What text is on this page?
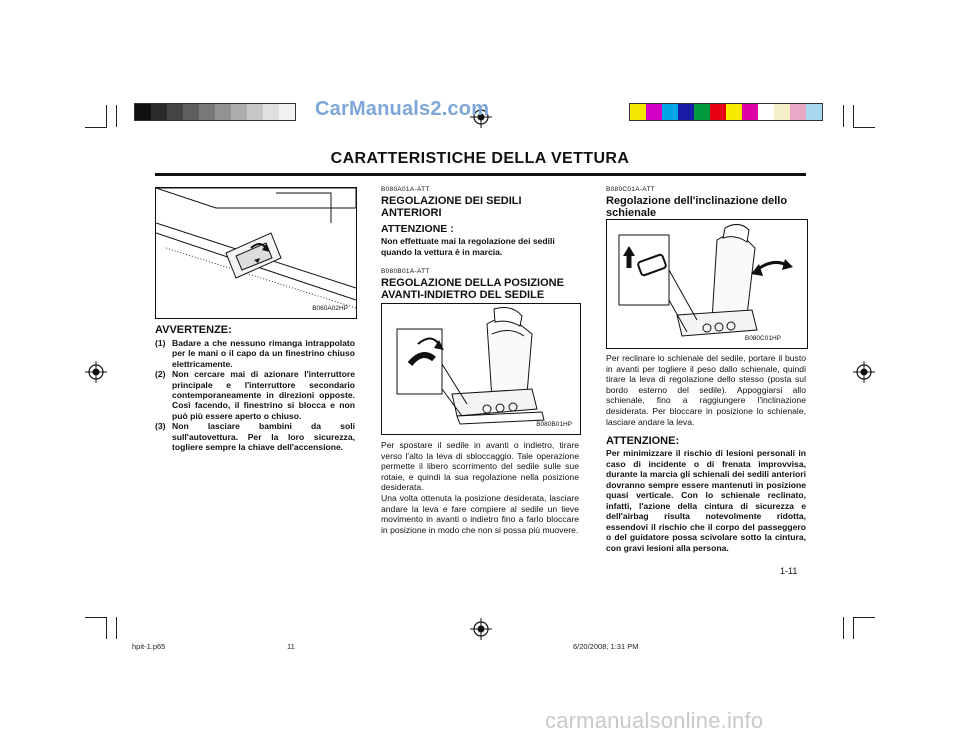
CarManuals2.com
CARATTERISTICHE DELLA VETTURA
B060A02HP
AVVERTENZE:
(1) Badare a che nessuno rimanga intrappolato per le mani o il capo da un finestrino chiuso elettricamente.
(2) Non cercare mai di azionare l'interruttore principale e l'interruttore secondario contemporaneamente in direzioni opposte. Così facendo, il finestrino si blocca e non può più essere aperto o chiuso.
(3) Non lasciare bambini da soli sull'autovettura. Per la loro sicurezza, togliere sempre la chiave dell'accensione.
B080A01A-ATT
REGOLAZIONE DEI SEDILI ANTERIORI
ATTENZIONE :
Non effettuate mai la regolazione dei sedili quando la vettura è in marcia.
B080B01A-ATT
REGOLAZIONE DELLA POSIZIONE AVANTI-INDIETRO DEL SEDILE
B080B01HP
Per spostare il sedile in avanti o indietro, tirare verso l'alto la leva di sbloccaggio. Tale operazione permette il libero scorrimento del sedile sulle sue rotaie, e quindi la sua regolazione nella posizione desiderata.
Una volta ottenuta la posizione desiderata, lasciare andare la leva e fare compiere al sedile un lieve movimento in avanti o indietro fino a farlo bloccare in posizione in modo che non si possa più muovere.
B080C01A-ATT
Regolazione dell'inclinazione dello schienale
B080C01HP
Per reclinare lo schienale del sedile, portare il busto in avanti per togliere il peso dallo schienale, quindi tirare la leva di regolazione dello stesso (posta sul bordo esterno del sedile). Appoggiarsi allo schienale, fino a raggiungere l'inclinazione desiderata. Per bloccare in posizione lo schienale, lasciare andare la leva.
ATTENZIONE:
Per minimizzare il rischio di lesioni personali in caso di incidente o di frenata improvvisa, durante la marcia gli schienali dei sedili anteriori dovranno sempre essere mantenuti in posizione quasi verticale. Con lo schienale reclinato, infatti, l'azione della cintura di sicurezza e dell'airbag risulta notevolmente ridotta, essendovi il rischio che il corpo del passeggero o del guidatore possa scivolare sotto la cintura, con gravi lesioni alla persona.
1-11
hpit-1.p65	11	6/20/2008, 1:31 PM
carmanualsonline.info
